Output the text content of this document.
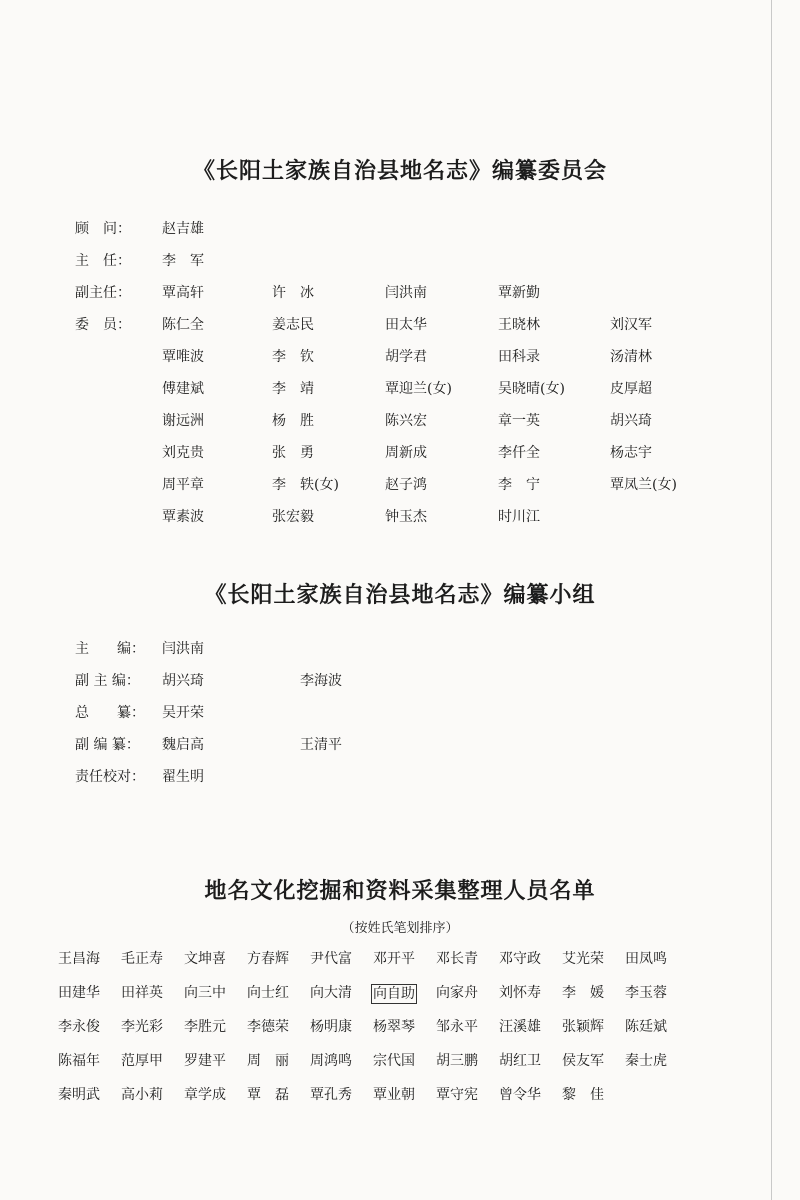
《长阳土家族自治县地名志》编纂委员会
顾　问：	赵吉雄
主　任：	李　军
副主任：	覃高轩	许　冰	闫洪南	覃新勤
委　员：	陈仁全	姜志民	田太华	王晓林	刘汉军
覃唯波	李　钦	胡学君	田科录	汤清林
傅建斌	李　靖	覃迎兰(女)	吴晓晴(女)	皮厚超
谢远洲	杨　胜	陈兴宏	章一英	胡兴琦
刘克贵	张　勇	周新成	李仟全	杨志宇
周平章	李　轶(女)	赵子鸿	李　宁	覃凤兰(女)
覃素波	张宏毅	钟玉杰	时川江
《长阳土家族自治县地名志》编纂小组
主　　编：	闫洪南
副 主 编：	胡兴琦	李海波
总　　纂：	吴开荣
副 编 纂：	魏启高	王清平
责任校对：	翟生明
地名文化挖掘和资料采集整理人员名单
（按姓氏笔划排序）
王昌海 毛正寿 文坤喜 方春辉 尹代富 邓开平 邓长青 邓守政 艾光荣 田凤鸣
田建华 田祥英 向三中 向士红 向大清 向自助 向家舟 刘怀寿 李　媛 李玉蓉
李永俊 李光彩 李胜元 李德荣 杨明康 杨翠琴 邹永平 汪溪雄 张颖辉 陈廷斌
陈福年 范厚甲 罗建平 周　丽 周鸿鸣 宗代国 胡三鹏 胡红卫 侯友军 秦士虎
秦明武 高小莉 章学成 覃　磊 覃孔秀 覃业朝 覃守宪 曾令华 黎　佳
